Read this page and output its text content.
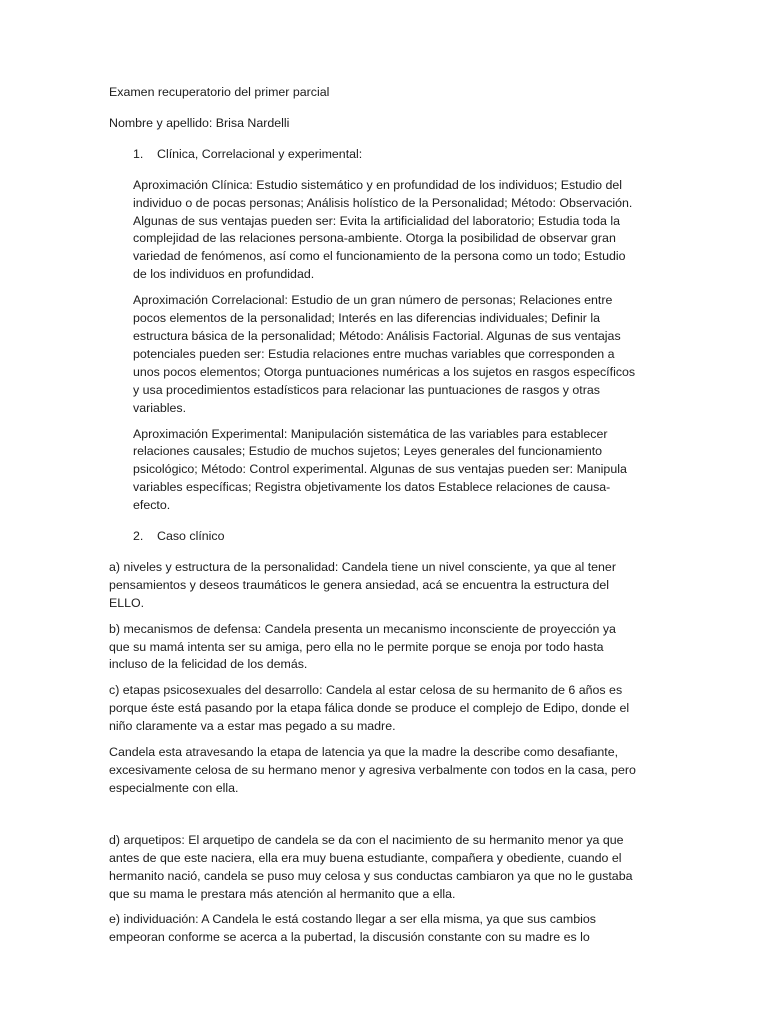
Examen recuperatorio del primer parcial

Nombre y apellido: Brisa Nardelli

1.	Clínica, Correlacional y experimental:

Aproximación Clínica: Estudio sistemático y en profundidad de los individuos; Estudio del individuo o de pocas personas; Análisis holístico de la Personalidad; Método: Observación. Algunas de sus ventajas pueden ser: Evita la artificialidad del laboratorio; Estudia toda la complejidad de las relaciones persona-ambiente. Otorga la posibilidad de observar gran variedad de fenómenos, así como el funcionamiento de la persona como un todo; Estudio de los individuos en profundidad.

Aproximación Correlacional: Estudio de un gran número de personas; Relaciones entre pocos elementos de la personalidad; Interés en las diferencias individuales; Definir la estructura básica de la personalidad; Método: Análisis Factorial. Algunas de sus ventajas potenciales pueden ser: Estudia relaciones entre muchas variables que corresponden a unos pocos elementos; Otorga puntuaciones numéricas a los sujetos en rasgos específicos y usa procedimientos estadísticos para relacionar las puntuaciones de rasgos y otras variables.

Aproximación Experimental: Manipulación sistemática de las variables para establecer relaciones causales; Estudio de muchos sujetos; Leyes generales del funcionamiento psicológico; Método: Control experimental. Algunas de sus ventajas pueden ser: Manipula variables específicas; Registra objetivamente los datos Establece relaciones de causa-efecto.

2.	Caso clínico

a) niveles y estructura de la personalidad: Candela tiene un nivel consciente, ya que al tener pensamientos y deseos traumáticos le genera ansiedad, acá se encuentra la estructura del ELLO.

b) mecanismos de defensa: Candela presenta un mecanismo inconsciente de proyección ya que su mamá intenta ser su amiga, pero ella no le permite porque se enoja por todo hasta incluso de la felicidad de los demás.

c) etapas psicosexuales del desarrollo: Candela al estar celosa de su hermanito de 6 años es porque éste está pasando por la etapa fálica donde se produce el complejo de Edipo, donde el niño claramente va a estar mas pegado a su madre.

Candela esta atravesando la etapa de latencia ya que la madre la describe como desafiante, excesivamente celosa de su hermano menor y agresiva verbalmente con todos en la casa, pero especialmente con ella.

d) arquetipos: El arquetipo de candela se da con el nacimiento de su hermanito menor ya que antes de que este naciera, ella era muy buena estudiante, compañera y obediente, cuando el hermanito nació, candela se puso muy celosa y sus conductas cambiaron ya que no le gustaba que su mama le prestara más atención al hermanito que a ella.

e) individuación: A Candela le está costando llegar a ser ella misma, ya que sus cambios empeoran conforme se acerca a la pubertad, la discusión constante con su madre es lo
